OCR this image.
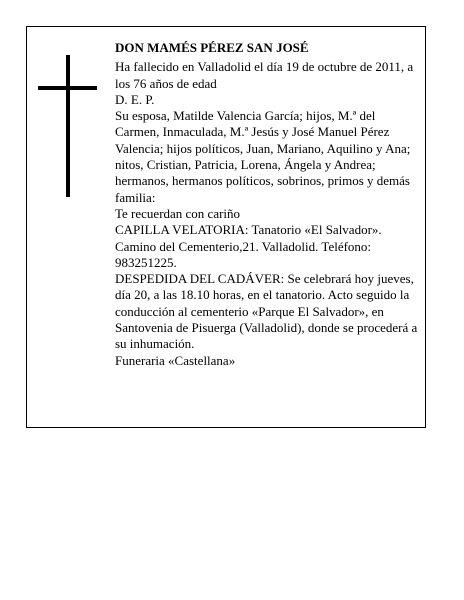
DON MAMÉS PÉREZ SAN JOSÉ

Ha fallecido en Valladolid el día 19 de octubre de 2011, a los 76 años de edad

D. E. P.

Su esposa, Matilde Valencia García; hijos, M.ª del Carmen, Inmaculada, M.ª Jesús y José Manuel Pérez Valencia; hijos políticos, Juan, Mariano, Aquilino y Ana; nitos, Cristian, Patricia, Lorena, Ángela y Andrea; hermanos, hermanos políticos, sobrinos, primos y demás familia:

Te recuerdan con cariño

CAPILLA VELATORIA: Tanatorio «El Salvador». Camino del Cementerio,21. Valladolid. Teléfono: 983251225.

DESPEDIDA DEL CADÁVER: Se celebrará hoy jueves, día 20, a las 18.10 horas, en el tanatorio. Acto seguido la conducción al cementerio «Parque El Salvador», en Santovenia de Pisuerga (Valladolid), donde se procederá a su inhumación.

Funeraria «Castellana»
